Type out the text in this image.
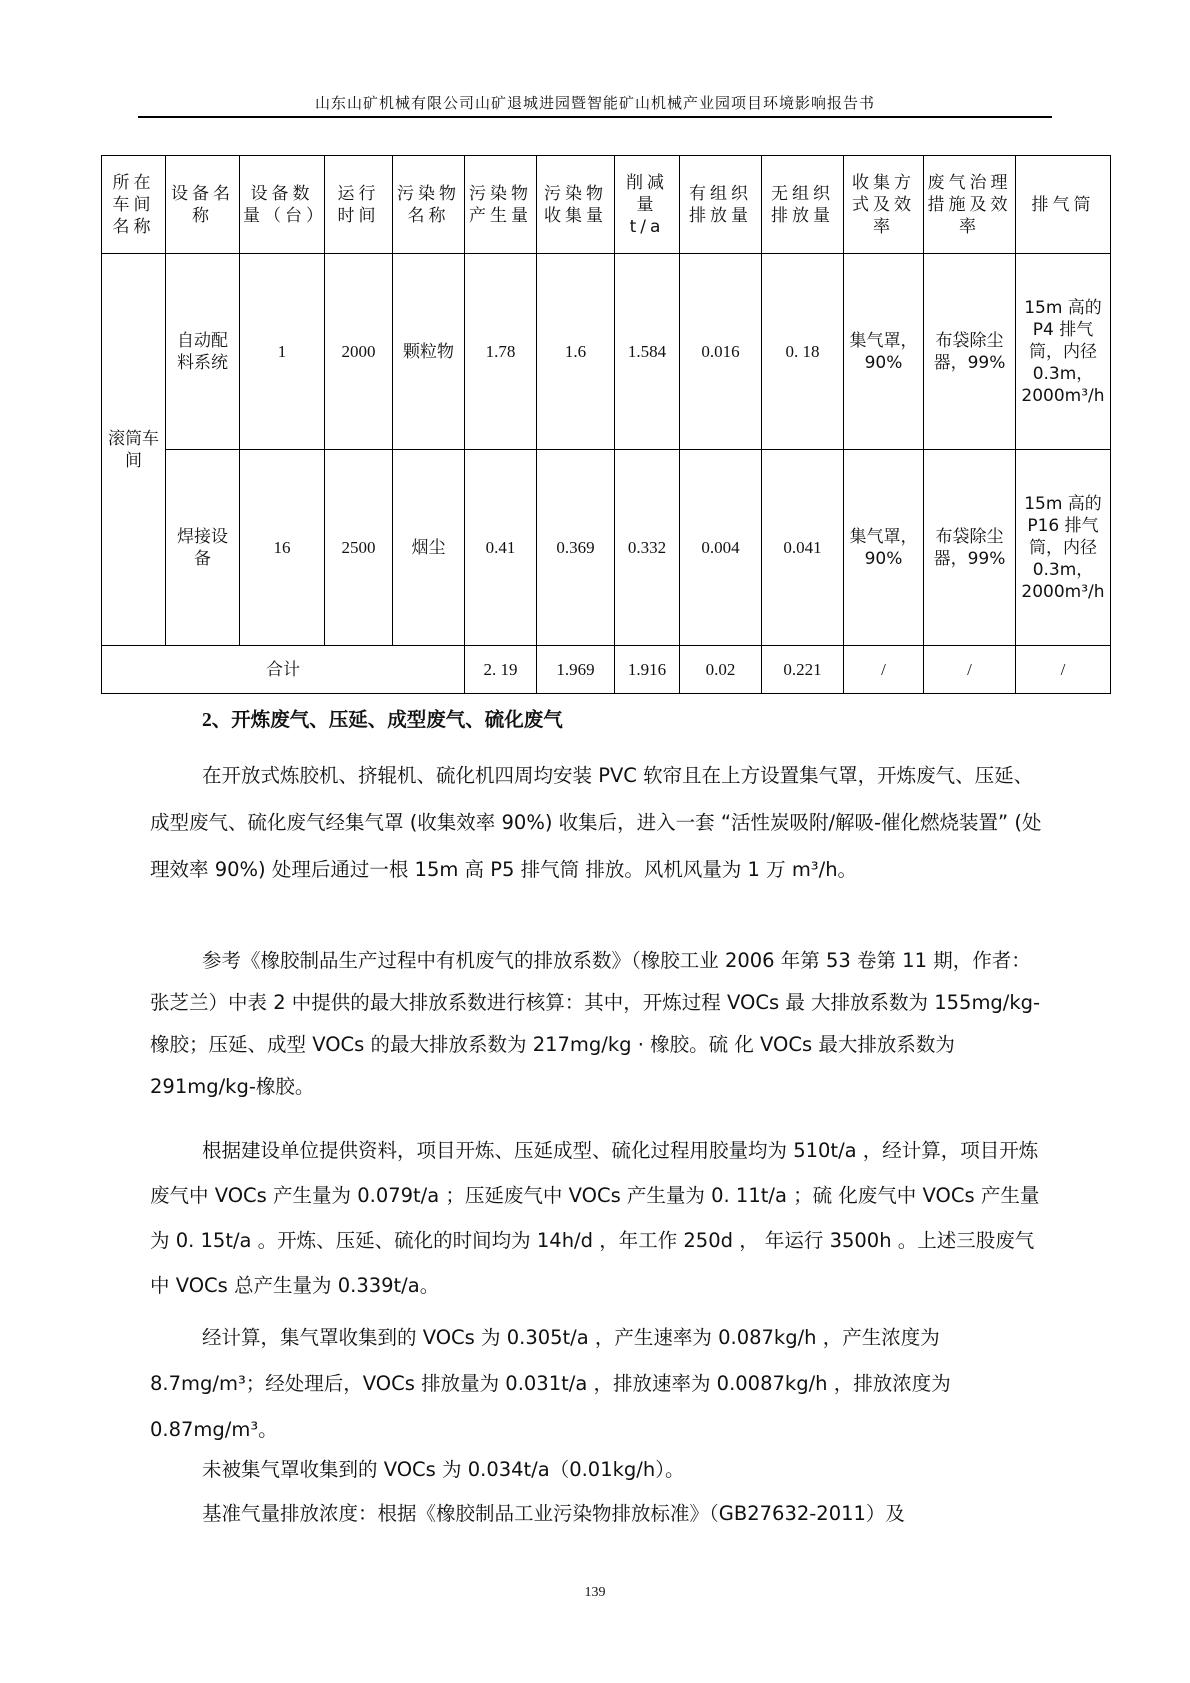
山东山矿机械有限公司山矿退城进园暨智能矿山机械产业园项目环境影响报告书
所在车间名称	设备名称	设备数量（台）	运行时间	污染物名称	污染物产生量	污染物收集量	削减量 t/a	有组织排放量	无组织排放量	收集方式及效率	废气治理措施及效率	排气筒
滚筒车间	自动配料系统	1	2000	颗粒物	1.78	1.6	1.584	0.016	0. 18	集气罩，90%	布袋除尘器，99%	15m 高的 P4 排气筒，内径 0.3m，2000m³/h
	焊接设备	16	2500	烟尘	0.41	0.369	0.332	0.004	0.041	集气罩，90%	布袋除尘器，99%	15m 高的 P16 排气筒，内径 0.3m，2000m³/h
合计					2. 19	1.969	1.916	0.02	0.221	/	/	/
2、开炼废气、压延、成型废气、硫化废气
在开放式炼胶机、挤辊机、硫化机四周均安装 PVC 软帘且在上方设置集气罩，开炼废气、压延、成型废气、硫化废气经集气罩 (收集效率 90%) 收集后，进入一套 “活性炭吸附/解吸-催化燃烧装置” (处理效率 90%) 处理后通过一根 15m 高 P5 排气筒 排放。风机风量为 1 万 m³/h。
参考《橡胶制品生产过程中有机废气的排放系数》（橡胶工业 2006 年第 53 卷第 11 期，作者：张芝兰）中表 2 中提供的最大排放系数进行核算：其中，开炼过程 VOCs 最 大排放系数为 155mg/kg-橡胶；压延、成型 VOCs 的最大排放系数为 217mg/kg · 橡胶。硫 化 VOCs 最大排放系数为 291mg/kg-橡胶。
根据建设单位提供资料，项目开炼、压延成型、硫化过程用胶量均为 510t/a ，经计算，项目开炼废气中 VOCs 产生量为 0.079t/a ；压延废气中 VOCs 产生量为 0. 11t/a ；硫 化废气中 VOCs 产生量为 0. 15t/a 。开炼、压延、硫化的时间均为 14h/d ，年工作 250d ， 年运行 3500h 。上述三股废气中 VOCs 总产生量为 0.339t/a。
经计算，集气罩收集到的 VOCs 为 0.305t/a ，产生速率为 0.087kg/h ，产生浓度为 8.7mg/m³；经处理后，VOCs 排放量为 0.031t/a ，排放速率为 0.0087kg/h ，排放浓度为 0.87mg/m³。
未被集气罩收集到的 VOCs 为 0.034t/a（0.01kg/h）。
基准气量排放浓度：根据《橡胶制品工业污染物排放标准》（GB27632-2011）及
139
